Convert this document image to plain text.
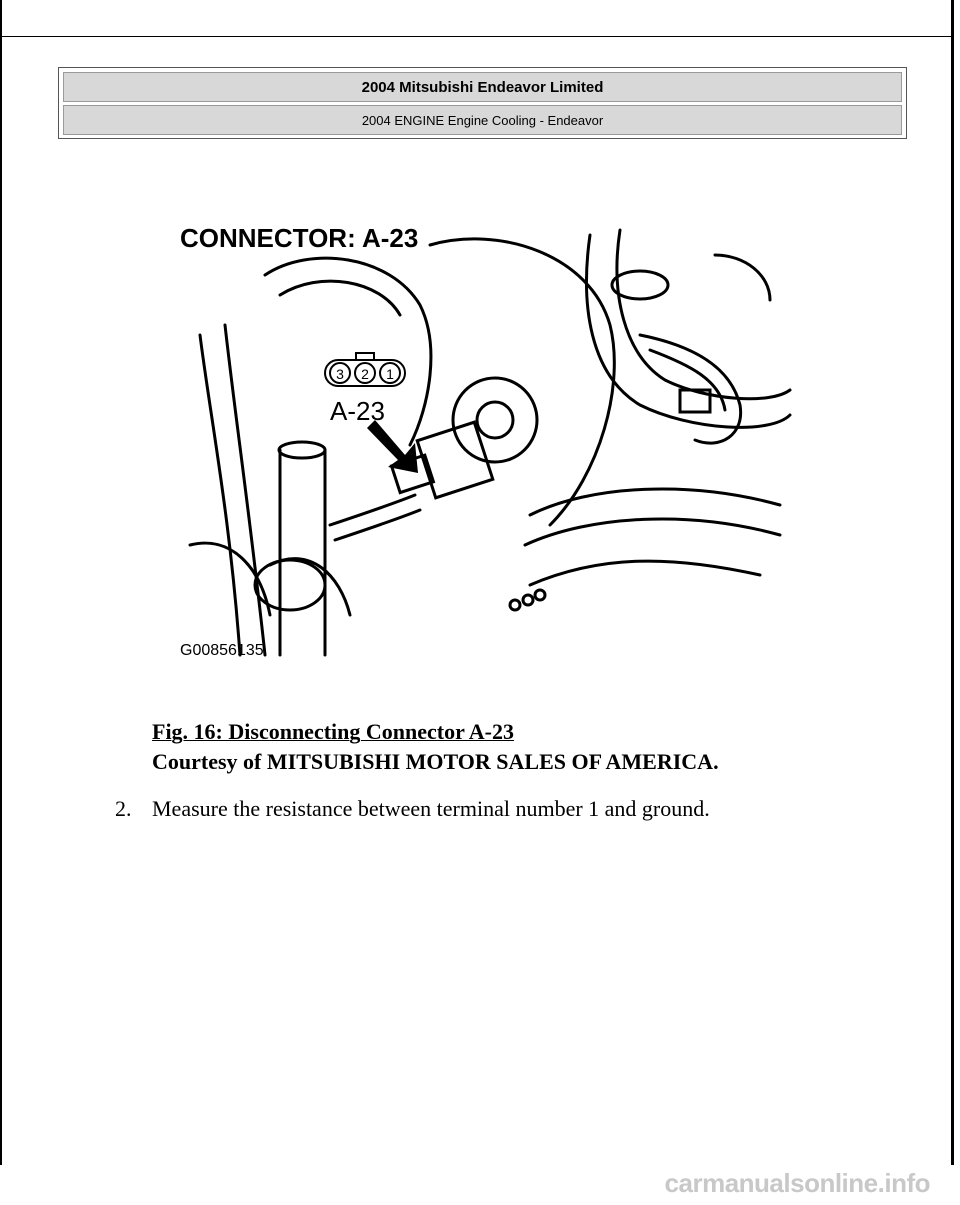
2004 Mitsubishi Endeavor Limited
2004 ENGINE Engine Cooling - Endeavor
CONNECTOR: A-23
3 2 1
A-23
G00856135
Fig. 16: Disconnecting Connector A-23
Courtesy of MITSUBISHI MOTOR SALES OF AMERICA.
2. Measure the resistance between terminal number 1 and ground.
carmanualsonline.info
